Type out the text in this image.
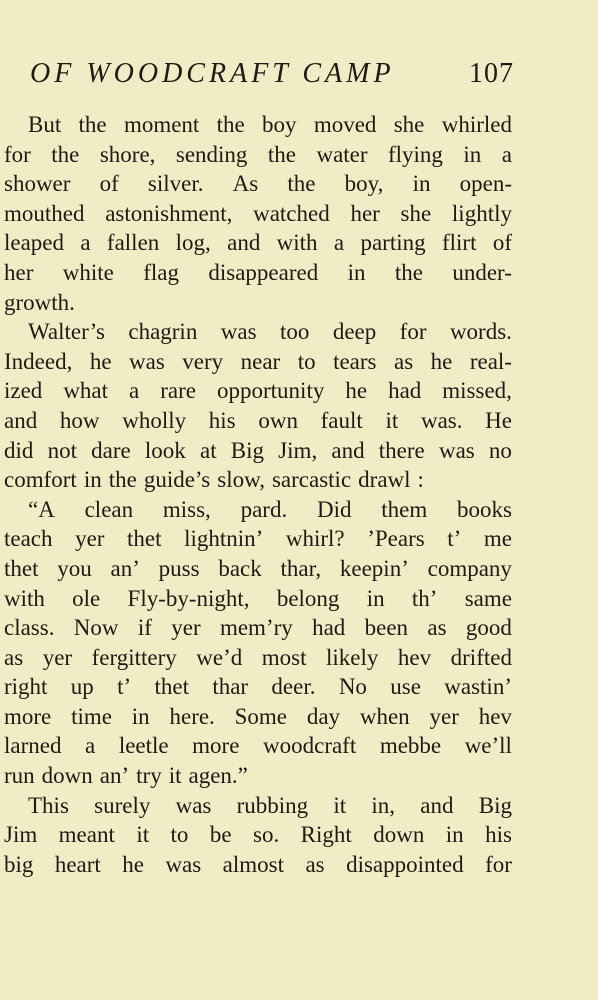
OF WOODCRAFT CAMP	107
But the moment the boy moved she whirled
for the shore, sending the water flying in a
shower of silver. As the boy, in open-
mouthed astonishment, watched her she lightly
leaped a fallen log, and with a parting flirt of
her white flag disappeared in the under-
growth.
Walter’s chagrin was too deep for words.
Indeed, he was very near to tears as he real-
ized what a rare opportunity he had missed,
and how wholly his own fault it was. He
did not dare look at Big Jim, and there was no
comfort in the guide’s slow, sarcastic drawl :
“A clean miss, pard. Did them books
teach yer thet lightnin’ whirl? ’Pears t’ me
thet you an’ puss back thar, keepin’ company
with ole Fly-by-night, belong in th’ same
class. Now if yer mem’ry had been as good
as yer fergittery we’d most likely hev drifted
right up t’ thet thar deer. No use wastin’
more time in here. Some day when yer hev
larned a leetle more woodcraft mebbe we’ll
run down an’ try it agen.”
This surely was rubbing it in, and Big
Jim meant it to be so. Right down in his
big heart he was almost as disappointed for
